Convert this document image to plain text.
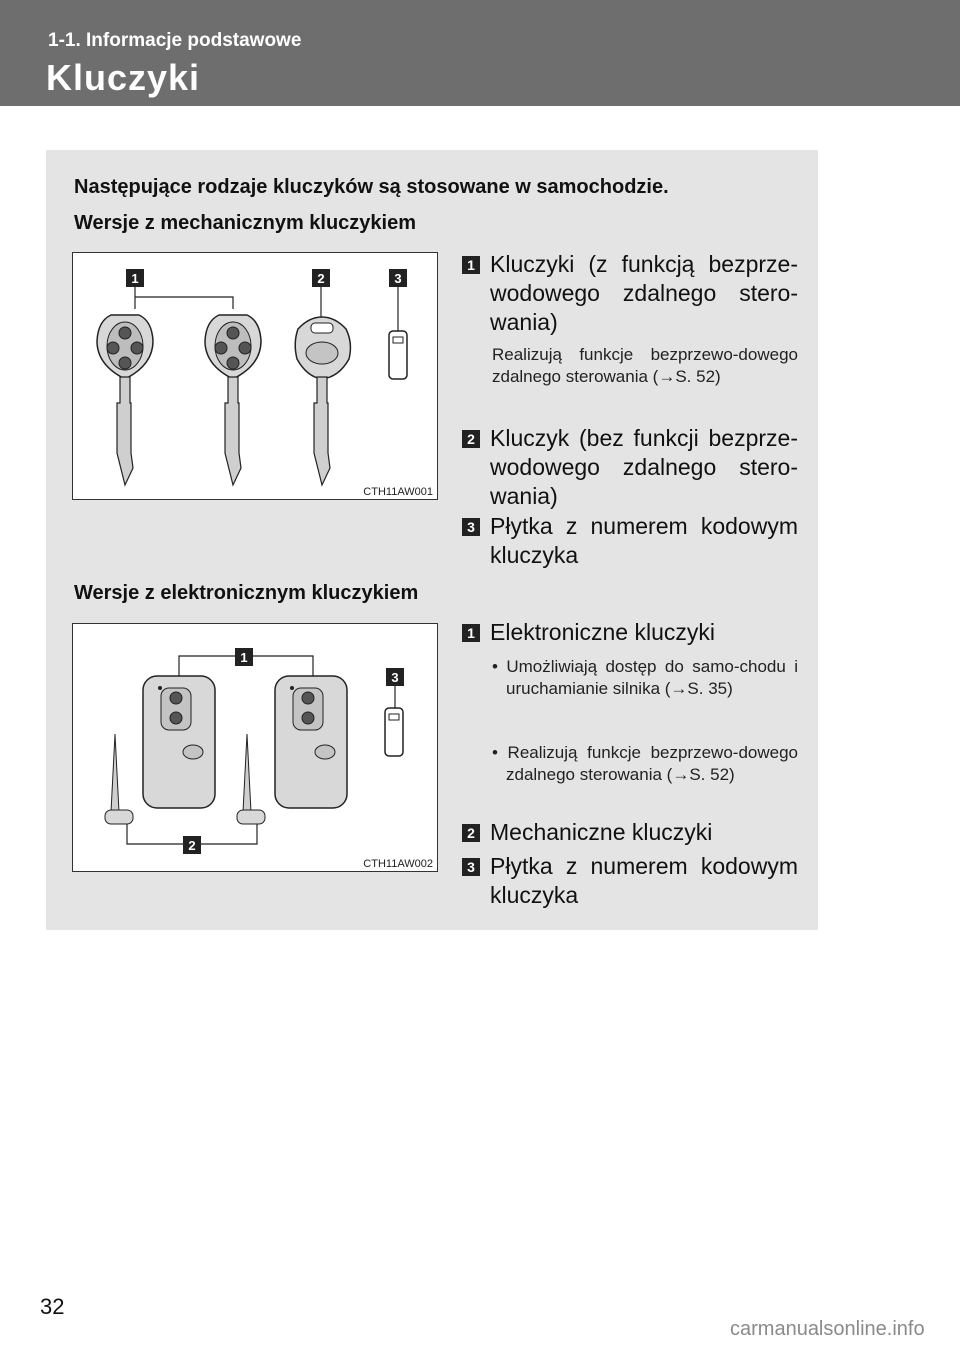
1-1. Informacje podstawowe
Kluczyki
Następujące rodzaje kluczyków są stosowane w samochodzie.
Wersje z mechanicznym kluczykiem
1	2	3
CTH11AW001
1 Kluczyki (z funkcją bezprze-wodowego zdalnego stero-wania)
Realizują funkcje bezprzewo-dowego zdalnego sterowania (→S. 52)
2 Kluczyk (bez funkcji bezprze-wodowego zdalnego stero-wania)
3 Płytka z numerem kodowym kluczyka
Wersje z elektronicznym kluczykiem
1
2
3
CTH11AW002
1 Elektroniczne kluczyki
• Umożliwiają dostęp do samo-chodu i uruchamianie silnika (→S. 35)
• Realizują funkcje bezprzewo-dowego zdalnego sterowania (→S. 52)
2 Mechaniczne kluczyki
3 Płytka z numerem kodowym kluczyka
32
carmanualsonline.info
